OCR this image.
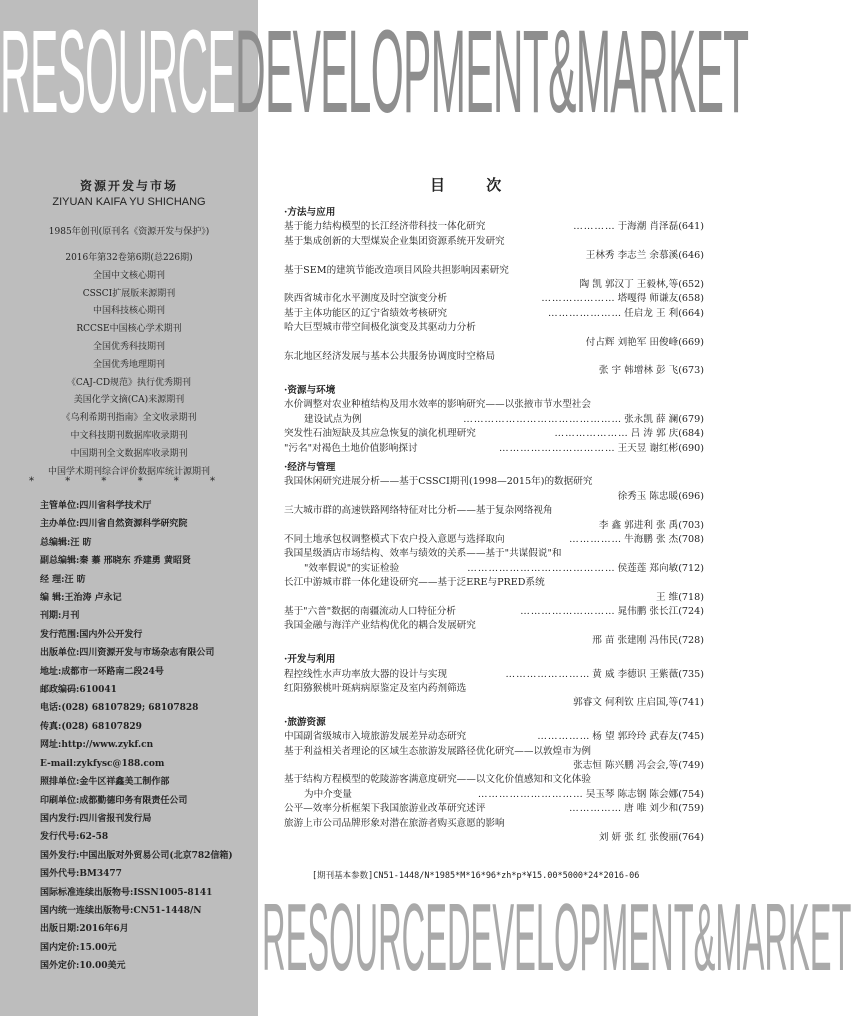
RESOURCEDEVELOPMENT&MARKET
资源开发与市场
ZIYUAN KAIFA YU SHICHANG
1985年创刊(原刊名《资源开发与保护》)
2016年第32卷第6期(总226期)
全国中文核心期刊
CSSCI扩展版来源期刊
中国科技核心期刊
RCCSE中国核心学术期刊
全国优秀科技期刊
全国优秀地理期刊
《CAJ-CD规范》执行优秀期刊
美国化学文摘(CA)来源期刊
《乌利希期刊指南》全文收录期刊
中文科技期刊数据库收录期刊
中国期刊全文数据库收录期刊
中国学术期刊综合评价数据库统计源期刊
* * * * * *
主管单位:四川省科学技术厅
主办单位:四川省自然资源科学研究院
总编辑:汪 昉
副总编辑:秦 蓁 邢晓东 乔建勇 黄昭贤
经 理:汪 昉
编 辑:王治涛 卢永记
刊期:月刊
发行范围:国内外公开发行
出版单位:四川资源开发与市场杂志有限公司
地址:成都市一环路南二段24号
邮政编码:610041
电话:(028) 68107829; 68107828
传真:(028) 68107829
网址:http://www.zykf.cn
E-mail:zykfysc@188.com
照排单位:金牛区祥鑫美工制作部
印刷单位:成都勤德印务有限责任公司
国内发行:四川省报刊发行局
发行代号:62-58
国外发行:中国出版对外贸易公司(北京782信箱)
国外代号:BM3477
国际标准连续出版物号:ISSN1005-8141
国内统一连续出版物号:CN51-1448/N
出版日期:2016年6月
国内定价:15.00元
国外定价:10.00美元
目 次
·方法与应用
基于能力结构模型的长江经济带科技一体化研究	………… 于海潮 肖泽磊(641)
基于集成创新的大型煤炭企业集团资源系统开发研究
王林秀 李志兰 余慕溪(646)
基于SEM的建筑节能改造项目风险共担影响因素研究
陶 凯 郭汉丁 王毅林,等(652)
陕西省城市化水平测度及时空演变分析	………………… 塔嘎得 师谦友(658)
基于主体功能区的辽宁省绩效考核研究	………………… 任启龙 王 利(664)
哈大巨型城市带空间极化演变及其驱动力分析
付占辉 刘艳军 田俊峰(669)
东北地区经济发展与基本公共服务协调度时空格局
张 宇 韩增林 彭 飞(673)
·资源与环境
水价调整对农业种植结构及用水效率的影响研究——以张掖市节水型社会
建设试点为例	……………………………………… 张永凯 薛 澜(679)
突发性石油短缺及其应急恢复的演化机理研究	………………… 吕 涛 郭 庆(684)
"污名"对褐色土地价值影响探讨	…………………………… 王天昱 谢红彬(690)
·经济与管理
我国休闲研究进展分析——基于CSSCI期刊(1998—2015年)的数据研究
徐秀玉 陈忠暖(696)
三大城市群的高速铁路网络特征对比分析——基于复杂网络视角
李 鑫 郭进利 张 禹(703)
不同土地承包权调整模式下农户投入意愿与选择取向	…………… 牛海鹏 张 杰(708)
我国星级酒店市场结构、效率与绩效的关系——基于"共谋假说"和
"效率假说"的实证检验	…………………………………… 侯莲莲 郑向敏(712)
长江中游城市群一体化建设研究——基于泛ERE与PRED系统
王 维(718)
基于"六普"数据的南疆流动人口特征分析	……………………… 晁伟鹏 张长江(724)
我国金融与海洋产业结构优化的耦合发展研究
邢 苗 张建刚 冯伟民(728)
·开发与利用
程控线性水声功率放大器的设计与实现	…………………… 黄 威 李德识 王紫薇(735)
红阳猕猴桃叶斑病病原鉴定及室内药剂筛选
郭睿文 何利钦 庄启国,等(741)
·旅游资源
中国副省级城市入境旅游发展差异动态研究	…………… 杨 望 郭玲玲 武春友(745)
基于利益相关者理论的区域生态旅游发展路径优化研究——以敦煌市为例
张志恒 陈兴鹏 冯会会,等(749)
基于结构方程模型的乾陵游客满意度研究——以文化价值感知和文化体验
为中介变量	………………………… 吴玉琴 陈志钢 陈会娜(754)
公平—效率分析框架下我国旅游业改革研究述评	…………… 唐 唯 刘少和(759)
旅游上市公司品牌形象对潜在旅游者购买意愿的影响
刘 妍 张 红 张俊丽(764)
[期刊基本参数]CN51-1448/N*1985*M*16*96*zh*p*¥15.00*5000*24*2016-06
RESOURCEDEVELOPMENT&MARKET
